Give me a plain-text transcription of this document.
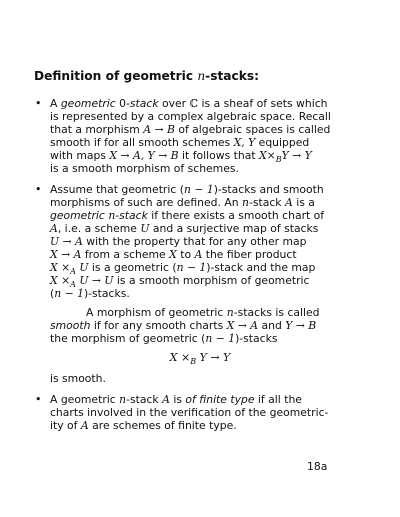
Definition of geometric n-stacks:
• A geometric 0-stack over ℂ is a sheaf of sets which
is represented by a complex algebraic space. Recall
that a morphism A → B of algebraic spaces is called
smooth if for all smooth schemes X, Y equipped
with maps X → A, Y → B it follows that $X\times_BY \to Y$
is a smooth morphism of schemes.
• Assume that geometric (n − 1)-stacks and smooth
morphisms of such are defined. An n-stack A is a
geometric n-stack if there exists a smooth chart of
A, i.e. a scheme U and a surjective map of stacks
U → A with the property that for any other map
X → A from a scheme X to A the fiber product
$X \times_A$ U is a geometric (n − 1)-stack and the map
$X \times_A$ U → U is a smooth morphism of geometric
(n − 1)-stacks.
A morphism of geometric n-stacks is called
smooth if for any smooth charts X → A and Y → B
the morphism of geometric (n − 1)-stacks
$X \times_B$ Y → Y
is smooth.
• A geometric n-stack A is of finite type if all the
charts involved in the verification of the geometric-
ity of A are schemes of finite type.
18a
